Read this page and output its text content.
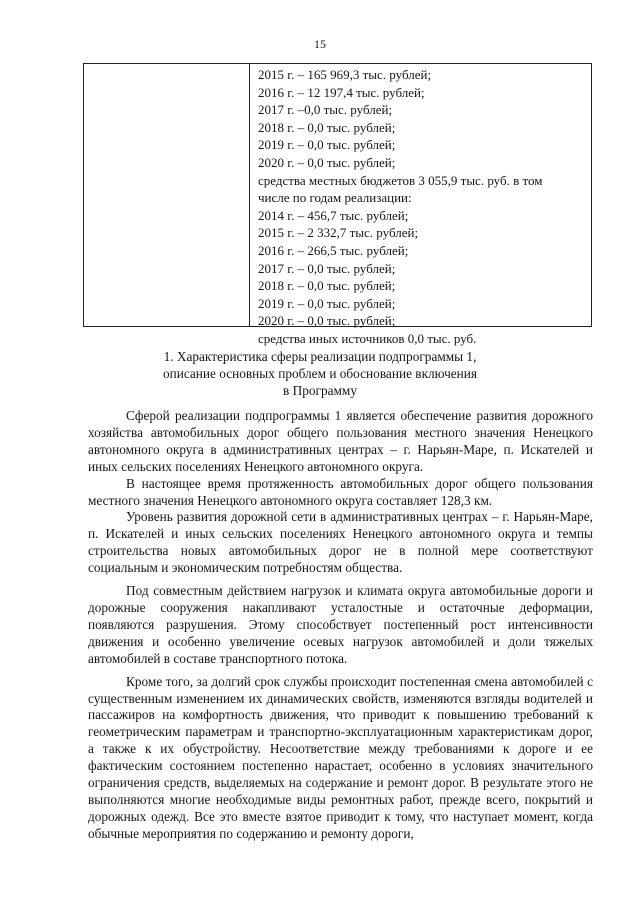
15
2015 г. – 165 969,3 тыс. рублей;
2016 г. – 12 197,4 тыс. рублей;
2017 г. –0,0 тыс. рублей;
2018 г. – 0,0 тыс. рублей;
2019 г. – 0,0 тыс. рублей;
2020 г. – 0,0 тыс. рублей;
средства местных бюджетов 3 055,9 тыс. руб. в том
числе по годам реализации:
2014 г. – 456,7 тыс. рублей;
2015 г. – 2 332,7 тыс. рублей;
2016 г. – 266,5 тыс. рублей;
2017 г. – 0,0 тыс. рублей;
2018 г. – 0,0 тыс. рублей;
2019 г. – 0,0 тыс. рублей;
2020 г. – 0,0 тыс. рублей;
средства иных источников 0,0 тыс. руб.
1. Характеристика сферы реализации подпрограммы 1,
описание основных проблем и обоснование включения
в Программу

Сферой реализации подпрограммы 1 является обеспечение развития дорожного хозяйства автомобильных дорог общего пользования местного значения Ненецкого автономного округа в административных центрах – г. Нарьян-Маре, п. Искателей и иных сельских поселениях Ненецкого автономного округа.

В настоящее время протяженность автомобильных дорог общего пользования местного значения Ненецкого автономного округа составляет 128,3 км.

Уровень развития дорожной сети в административных центрах – г. Нарьян-Маре, п. Искателей и иных сельских поселениях Ненецкого автономного округа и темпы строительства новых автомобильных дорог не в полной мере соответствуют социальным и экономическим потребностям общества.

Под совместным действием нагрузок и климата округа автомобильные дороги и дорожные сооружения накапливают усталостные и остаточные деформации, появляются разрушения. Этому способствует постепенный рост интенсивности движения и особенно увеличение осевых нагрузок автомобилей и доли тяжелых автомобилей в составе транспортного потока.

Кроме того, за долгий срок службы происходит постепенная смена автомобилей с существенным изменением их динамических свойств, изменяются взгляды водителей и пассажиров на комфортность движения, что приводит к повышению требований к геометрическим параметрам и транспортно-эксплуатационным характеристикам дорог, а также к их обустройству. Несоответствие между требованиями к дороге и ее фактическим состоянием постепенно нарастает, особенно в условиях значительного ограничения средств, выделяемых на содержание и ремонт дорог. В результате этого не выполняются многие необходимые виды ремонтных работ, прежде всего, покрытий и дорожных одежд. Все это вместе взятое приводит к тому, что наступает момент, когда обычные мероприятия по содержанию и ремонту дороги,
